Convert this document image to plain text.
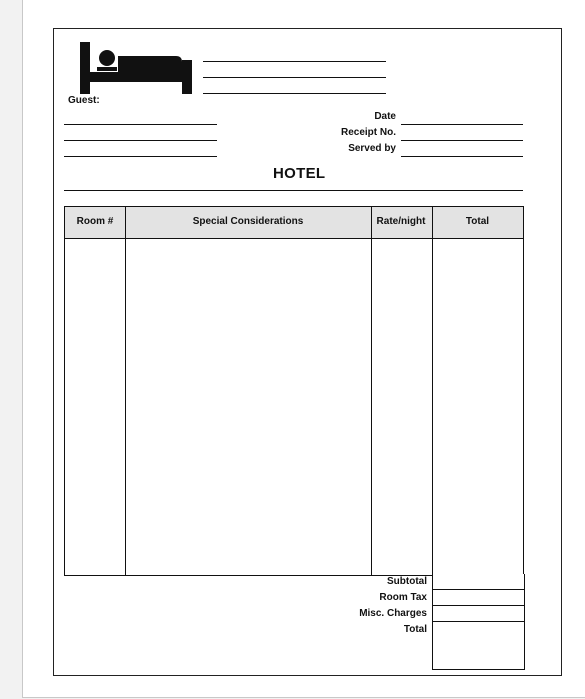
Guest:
Date
Receipt No.
Served by
HOTEL
Room #	Special Considerations	Rate/night	Total
Subtotal
Room Tax
Misc. Charges
Total
